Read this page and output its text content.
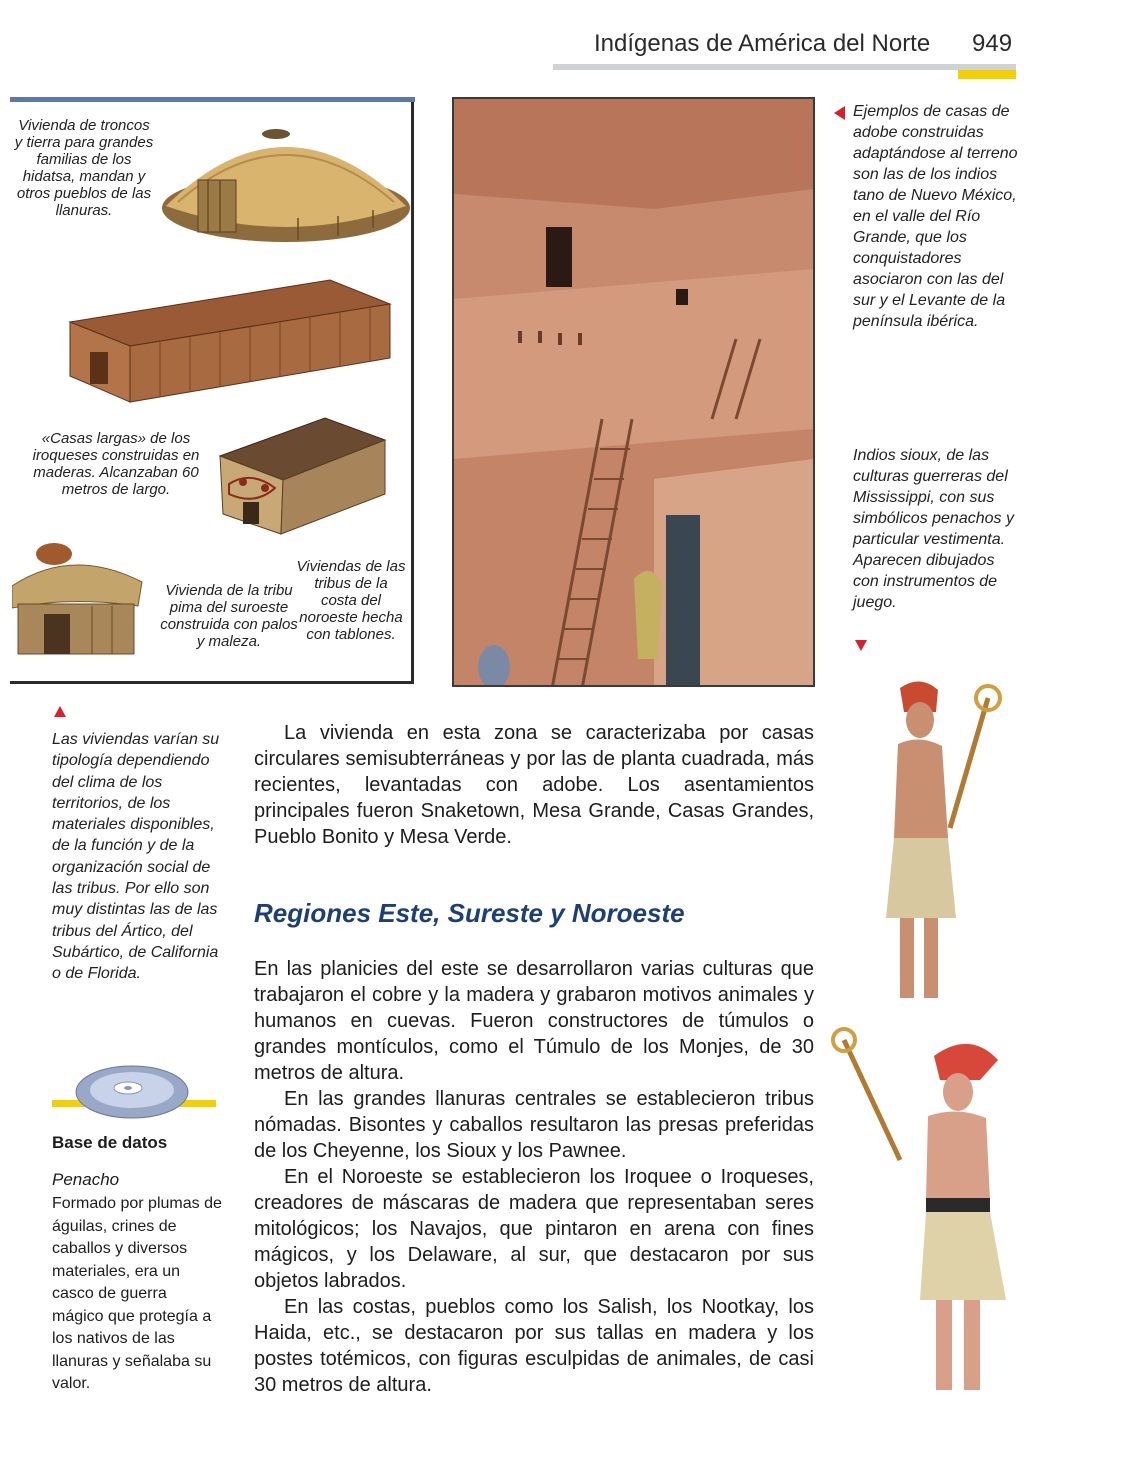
Indígenas de América del Norte 949
Vivienda de troncos y tierra para grandes familias de los hidatsa, mandan y otros pueblos de las llanuras.
«Casas largas» de los iroqueses construidas en maderas. Alcanzaban 60 metros de largo.
Vivienda de la tribu pima del suroeste construida con palos y maleza.
Viviendas de las tribus de la costa del noroeste hecha con tablones.
Ejemplos de casas de adobe construidas adaptándose al terreno son las de los indios tano de Nuevo México, en el valle del Río Grande, que los conquistadores asociaron con las del sur y el Levante de la península ibérica.
Indios sioux, de las culturas guerreras del Mississippi, con sus simbólicos penachos y particular vestimenta. Aparecen dibujados con instrumentos de juego.
Las viviendas varían su tipología dependiendo del clima de los territorios, de los materiales disponibles, de la función y de la organización social de las tribus. Por ello son muy distintas las de las tribus del Ártico, del Subártico, de California o de Florida.

La vivienda en esta zona se caracterizaba por casas circulares semisubterráneas y por las de planta cuadrada, más recientes, levantadas con adobe. Los asentamientos principales fueron Snaketown, Mesa Grande, Casas Grandes, Pueblo Bonito y Mesa Verde.

Regiones Este, Sureste y Noroeste

En las planicies del este se desarrollaron varias culturas que trabajaron el cobre y la madera y grabaron motivos animales y humanos en cuevas. Fueron constructores de túmulos o grandes montículos, como el Túmulo de los Monjes, de 30 metros de altura.

En las grandes llanuras centrales se establecieron tribus nómadas. Bisontes y caballos resultaron las presas preferidas de los Cheyenne, los Sioux y los Pawnee.

En el Noroeste se establecieron los Iroquee o Iroqueses, creadores de máscaras de madera que representaban seres mitológicos; los Navajos, que pintaron en arena con fines mágicos, y los Delaware, al sur, que destacaron por sus objetos labrados.

En las costas, pueblos como los Salish, los Nootkay, los Haida, etc., se destacaron por sus tallas en madera y los postes totémicos, con figuras esculpidas de animales, de casi 30 metros de altura.

Base de datos
Penacho
Formado por plumas de águilas, crines de caballos y diversos materiales, era un casco de guerra mágico que protegía a los nativos de las llanuras y señalaba su valor.
